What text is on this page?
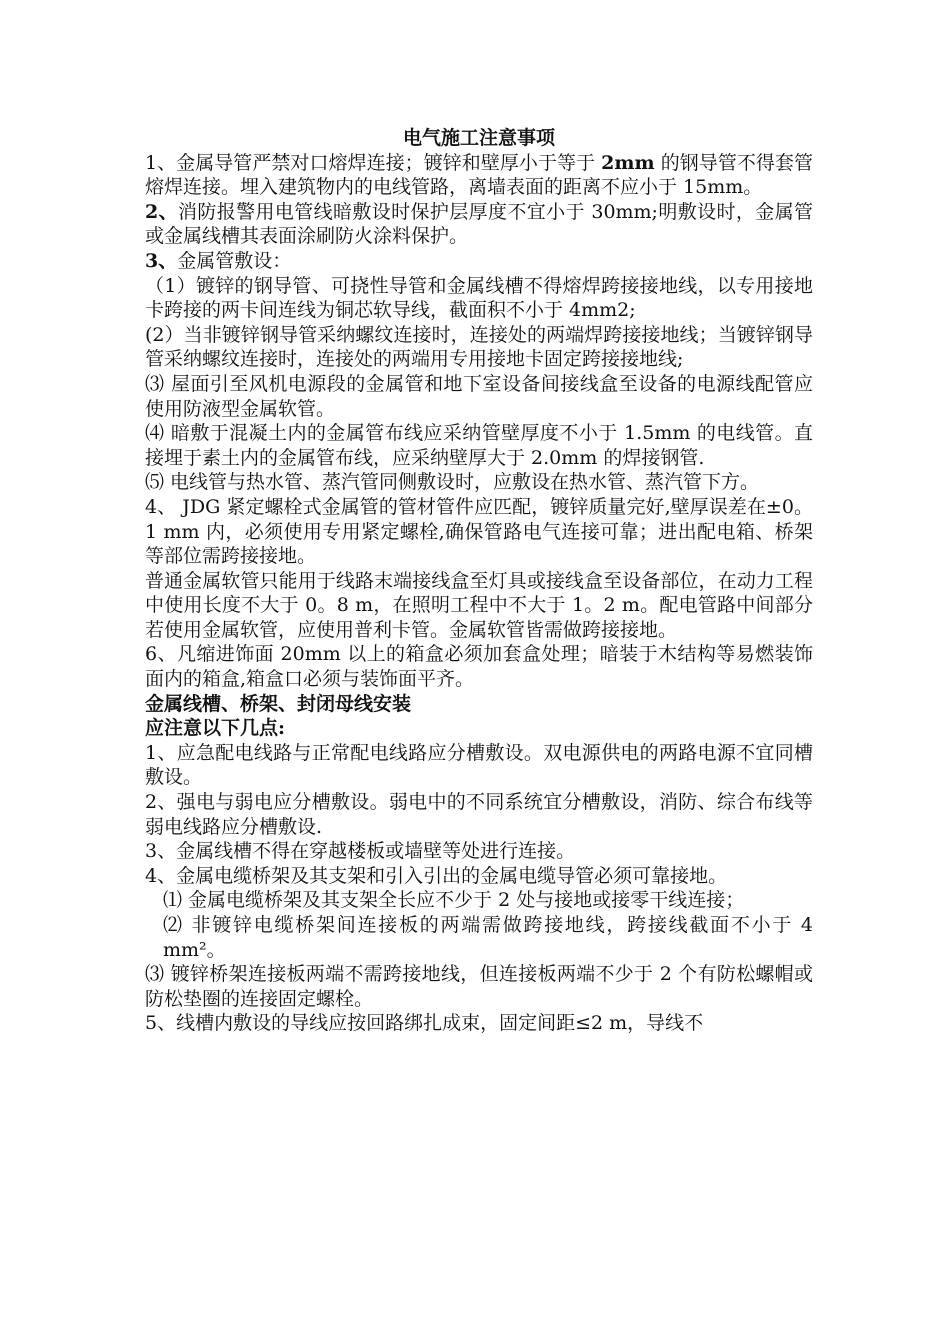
电气施工注意事项

1、金属导管严禁对口熔焊连接；镀锌和壁厚小于等于 2mm 的钢导管不得套管熔焊连接。埋入建筑物内的电线管路，离墙表面的距离不应小于 15mm。

2、消防报警用电管线暗敷设时保护层厚度不宜小于 30mm;明敷设时，金属管或金属线槽其表面涂刷防火涂料保护。

3、金属管敷设：

（1）镀锌的钢导管、可挠性导管和金属线槽不得熔焊跨接接地线，以专用接地卡跨接的两卡间连线为铜芯软导线，截面积不小于 4mm2;

(2）当非镀锌钢导管采纳螺纹连接时，连接处的两端焊跨接接地线；当镀锌钢导管采纳螺纹连接时，连接处的两端用专用接地卡固定跨接接地线;

⑶ 屋面引至风机电源段的金属管和地下室设备间接线盒至设备的电源线配管应使用防液型金属软管。

⑷ 暗敷于混凝土内的金属管布线应采纳管壁厚度不小于 1.5mm 的电线管。直接埋于素土内的金属管布线，应采纳壁厚大于 2.0mm 的焊接钢管.

⑸ 电线管与热水管、蒸汽管同侧敷设时，应敷设在热水管、蒸汽管下方。

4、 JDG 紧定螺栓式金属管的管材管件应匹配，镀锌质量完好,壁厚误差在±0。1 mm 内，必须使用专用紧定螺栓,确保管路电气连接可靠；进出配电箱、桥架等部位需跨接接地。

普通金属软管只能用于线路末端接线盒至灯具或接线盒至设备部位，在动力工程中使用长度不大于 0。8 m，在照明工程中不大于 1。2 m。配电管路中间部分若使用金属软管，应使用普利卡管。金属软管皆需做跨接接地。

6、凡缩进饰面 20mm 以上的箱盒必须加套盒处理；暗装于木结构等易燃装饰面内的箱盒,箱盒口必须与装饰面平齐。

金属线槽、桥架、封闭母线安装

应注意以下几点:

1、应急配电线路与正常配电线路应分槽敷设。双电源供电的两路电源不宜同槽敷设。

2、强电与弱电应分槽敷设。弱电中的不同系统宜分槽敷设，消防、综合布线等弱电线路应分槽敷设.

3、金属线槽不得在穿越楼板或墙壁等处进行连接。

4、金属电缆桥架及其支架和引入引出的金属电缆导管必须可靠接地。

⑴ 金属电缆桥架及其支架全长应不少于 2 处与接地或接零干线连接；

⑵ 非镀锌电缆桥架间连接板的两端需做跨接地线，跨接线截面不小于 4 mm²。

⑶ 镀锌桥架连接板两端不需跨接地线，但连接板两端不少于 2 个有防松螺帽或防松垫圈的连接固定螺栓。

5、线槽内敷设的导线应按回路绑扎成束，固定间距≤2 m，导线不
